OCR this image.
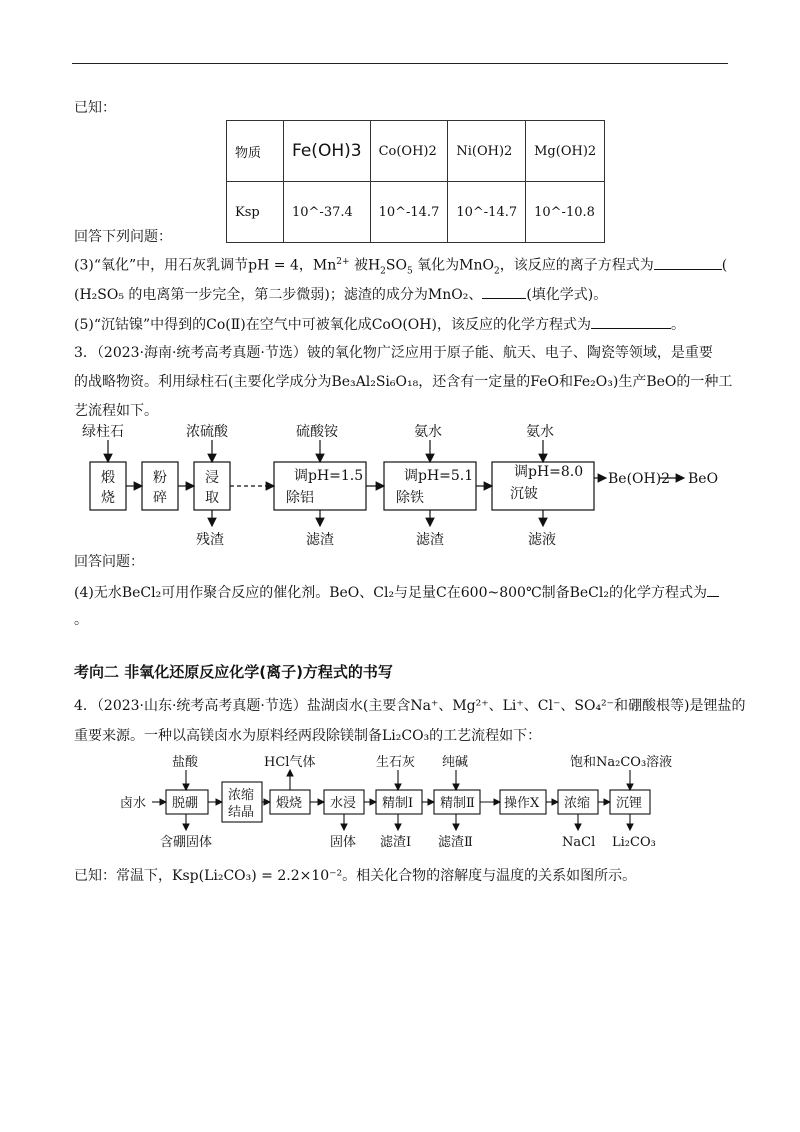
已知：
物质	Fe(OH)3	Co(OH)2	Ni(OH)2	Mg(OH)2
Ksp	10^-37.4	10^-14.7	10^-14.7	10^-10.8
回答下列问题：
(3)“氧化”中，用石灰乳调节pH = 4，$Mn^{2+}$ 被$H_2SO_5$ 氧化为MnO$_2$，该反应的离子方程式为	(
(H₂SO₅ 的电离第一步完全，第二步微弱)；滤渣的成分为MnO₂、	(填化学式)。
(5)“沉钴镍”中得到的Co(Ⅱ)在空气中可被氧化成CoO(OH)，该反应的化学方程式为	。
3．（2023·海南·统考高考真题·节选）铍的氧化物广泛应用于原子能、航天、电子、陶瓷等领域，是重要
的战略物资。利用绿柱石(主要化学成分为Be₃Al₂Si₆O₁₈，还含有一定量的FeO和Fe₂O₃)生产BeO的一种工
艺流程如下。
绿柱石	浓硫酸	硫酸铵	氨水	氨水
煅
烧
粉
碎
浸
取
调pH=1.5
除铝
调pH=5.1
除铁
调pH=8.0
沉铍
残渣	滤渣	滤渣	滤液
Be(OH)2 BeO
回答问题：
(4)无水BeCl₂可用作聚合反应的催化剂。BeO、Cl₂与足量C在600~800℃制备BeCl₂的化学方程式为
。
考向二 非氧化还原反应化学(离子)方程式的书写
4．（2023·山东·统考高考真题·节选）盐湖卤水(主要含Na⁺、Mg²⁺、Li⁺、Cl⁻、SO₄²⁻和硼酸根等)是锂盐的
重要来源。一种以高镁卤水为原料经两段除镁制备Li₂CO₃的工艺流程如下：
卤水 脱硼
浓缩
结晶
煅烧 水浸 精制Ⅰ 精制Ⅱ 操作X 浓缩 沉锂
盐酸	HCl气体	生石灰 纯碱	饱和Na₂CO₃溶液
含硼固体	固体 滤渣Ⅰ 滤渣Ⅱ	NaCl Li₂CO₃
已知：常温下，Ksp(Li₂CO₃) = 2.2×10⁻²。相关化合物的溶解度与温度的关系如图所示。
